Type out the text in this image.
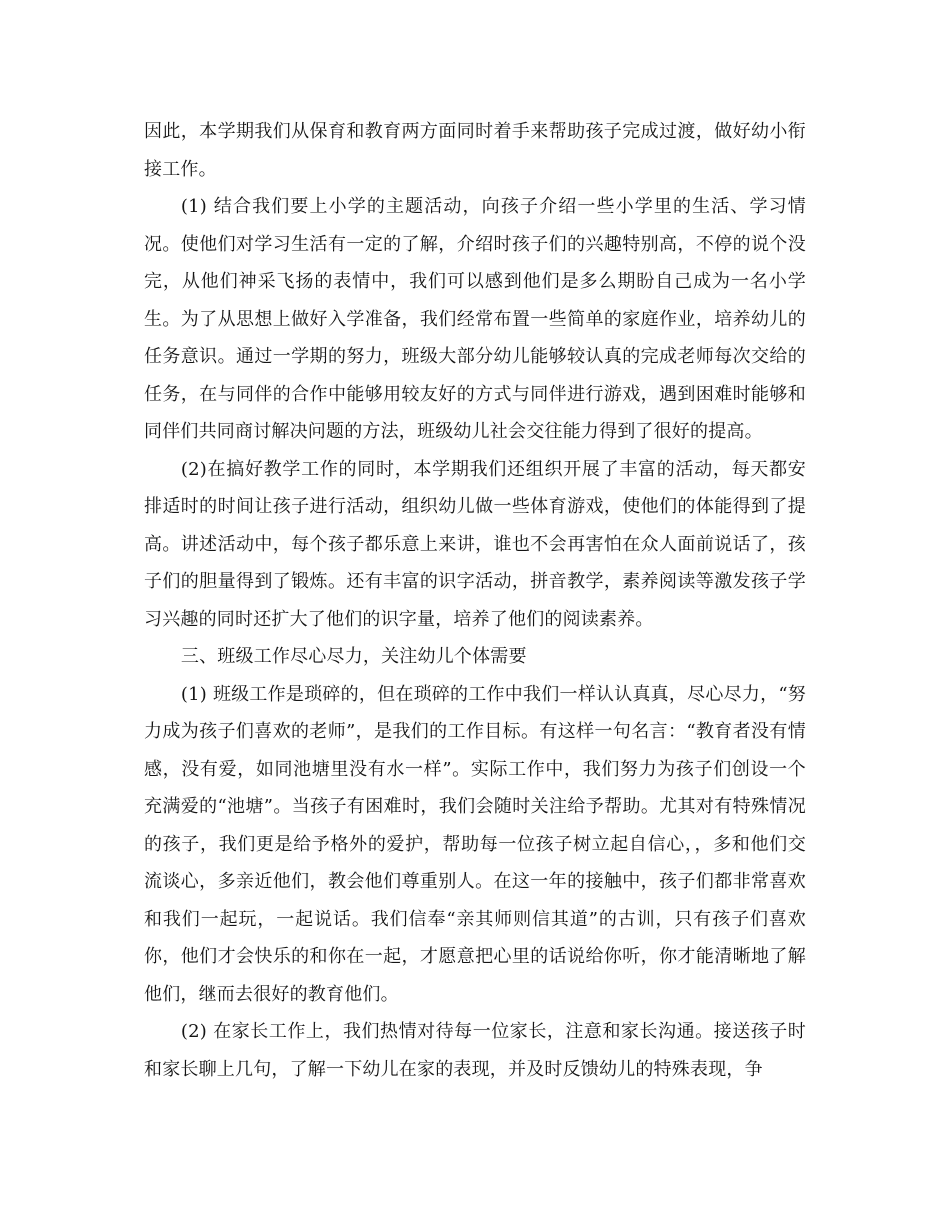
因此，本学期我们从保育和教育两方面同时着手来帮助孩子完成过渡，做好幼小衔接工作。

(1) 结合我们要上小学的主题活动，向孩子介绍一些小学里的生活、学习情况。使他们对学习生活有一定的了解，介绍时孩子们的兴趣特别高，不停的说个没完，从他们神采飞扬的表情中，我们可以感到他们是多么期盼自己成为一名小学生。为了从思想上做好入学准备，我们经常布置一些简单的家庭作业，培养幼儿的任务意识。通过一学期的努力，班级大部分幼儿能够较认真的完成老师每次交给的任务，在与同伴的合作中能够用较友好的方式与同伴进行游戏，遇到困难时能够和同伴们共同商讨解决问题的方法，班级幼儿社会交往能力得到了很好的提高。

(2)在搞好教学工作的同时，本学期我们还组织开展了丰富的活动，每天都安排适时的时间让孩子进行活动，组织幼儿做一些体育游戏，使他们的体能得到了提高。讲述活动中，每个孩子都乐意上来讲，谁也不会再害怕在众人面前说话了，孩子们的胆量得到了锻炼。还有丰富的识字活动，拼音教学，素养阅读等激发孩子学习兴趣的同时还扩大了他们的识字量，培养了他们的阅读素养。

三、班级工作尽心尽力，关注幼儿个体需要

(1) 班级工作是琐碎的，但在琐碎的工作中我们一样认认真真，尽心尽力，“努力成为孩子们喜欢的老师”，是我们的工作目标。有这样一句名言：“教育者没有情感，没有爱，如同池塘里没有水一样”。实际工作中，我们努力为孩子们创设一个充满爱的“池塘”。当孩子有困难时，我们会随时关注给予帮助。尤其对有特殊情况的孩子，我们更是给予格外的爱护，帮助每一位孩子树立起自信心，，多和他们交流谈心，多亲近他们，教会他们尊重别人。在这一年的接触中，孩子们都非常喜欢和我们一起玩，一起说话。我们信奉“亲其师则信其道”的古训，只有孩子们喜欢你，他们才会快乐的和你在一起，才愿意把心里的话说给你听，你才能清晰地了解他们，继而去很好的教育他们。

(2) 在家长工作上，我们热情对待每一位家长，注意和家长沟通。接送孩子时和家长聊上几句，了解一下幼儿在家的表现，并及时反馈幼儿的特殊表现，争
